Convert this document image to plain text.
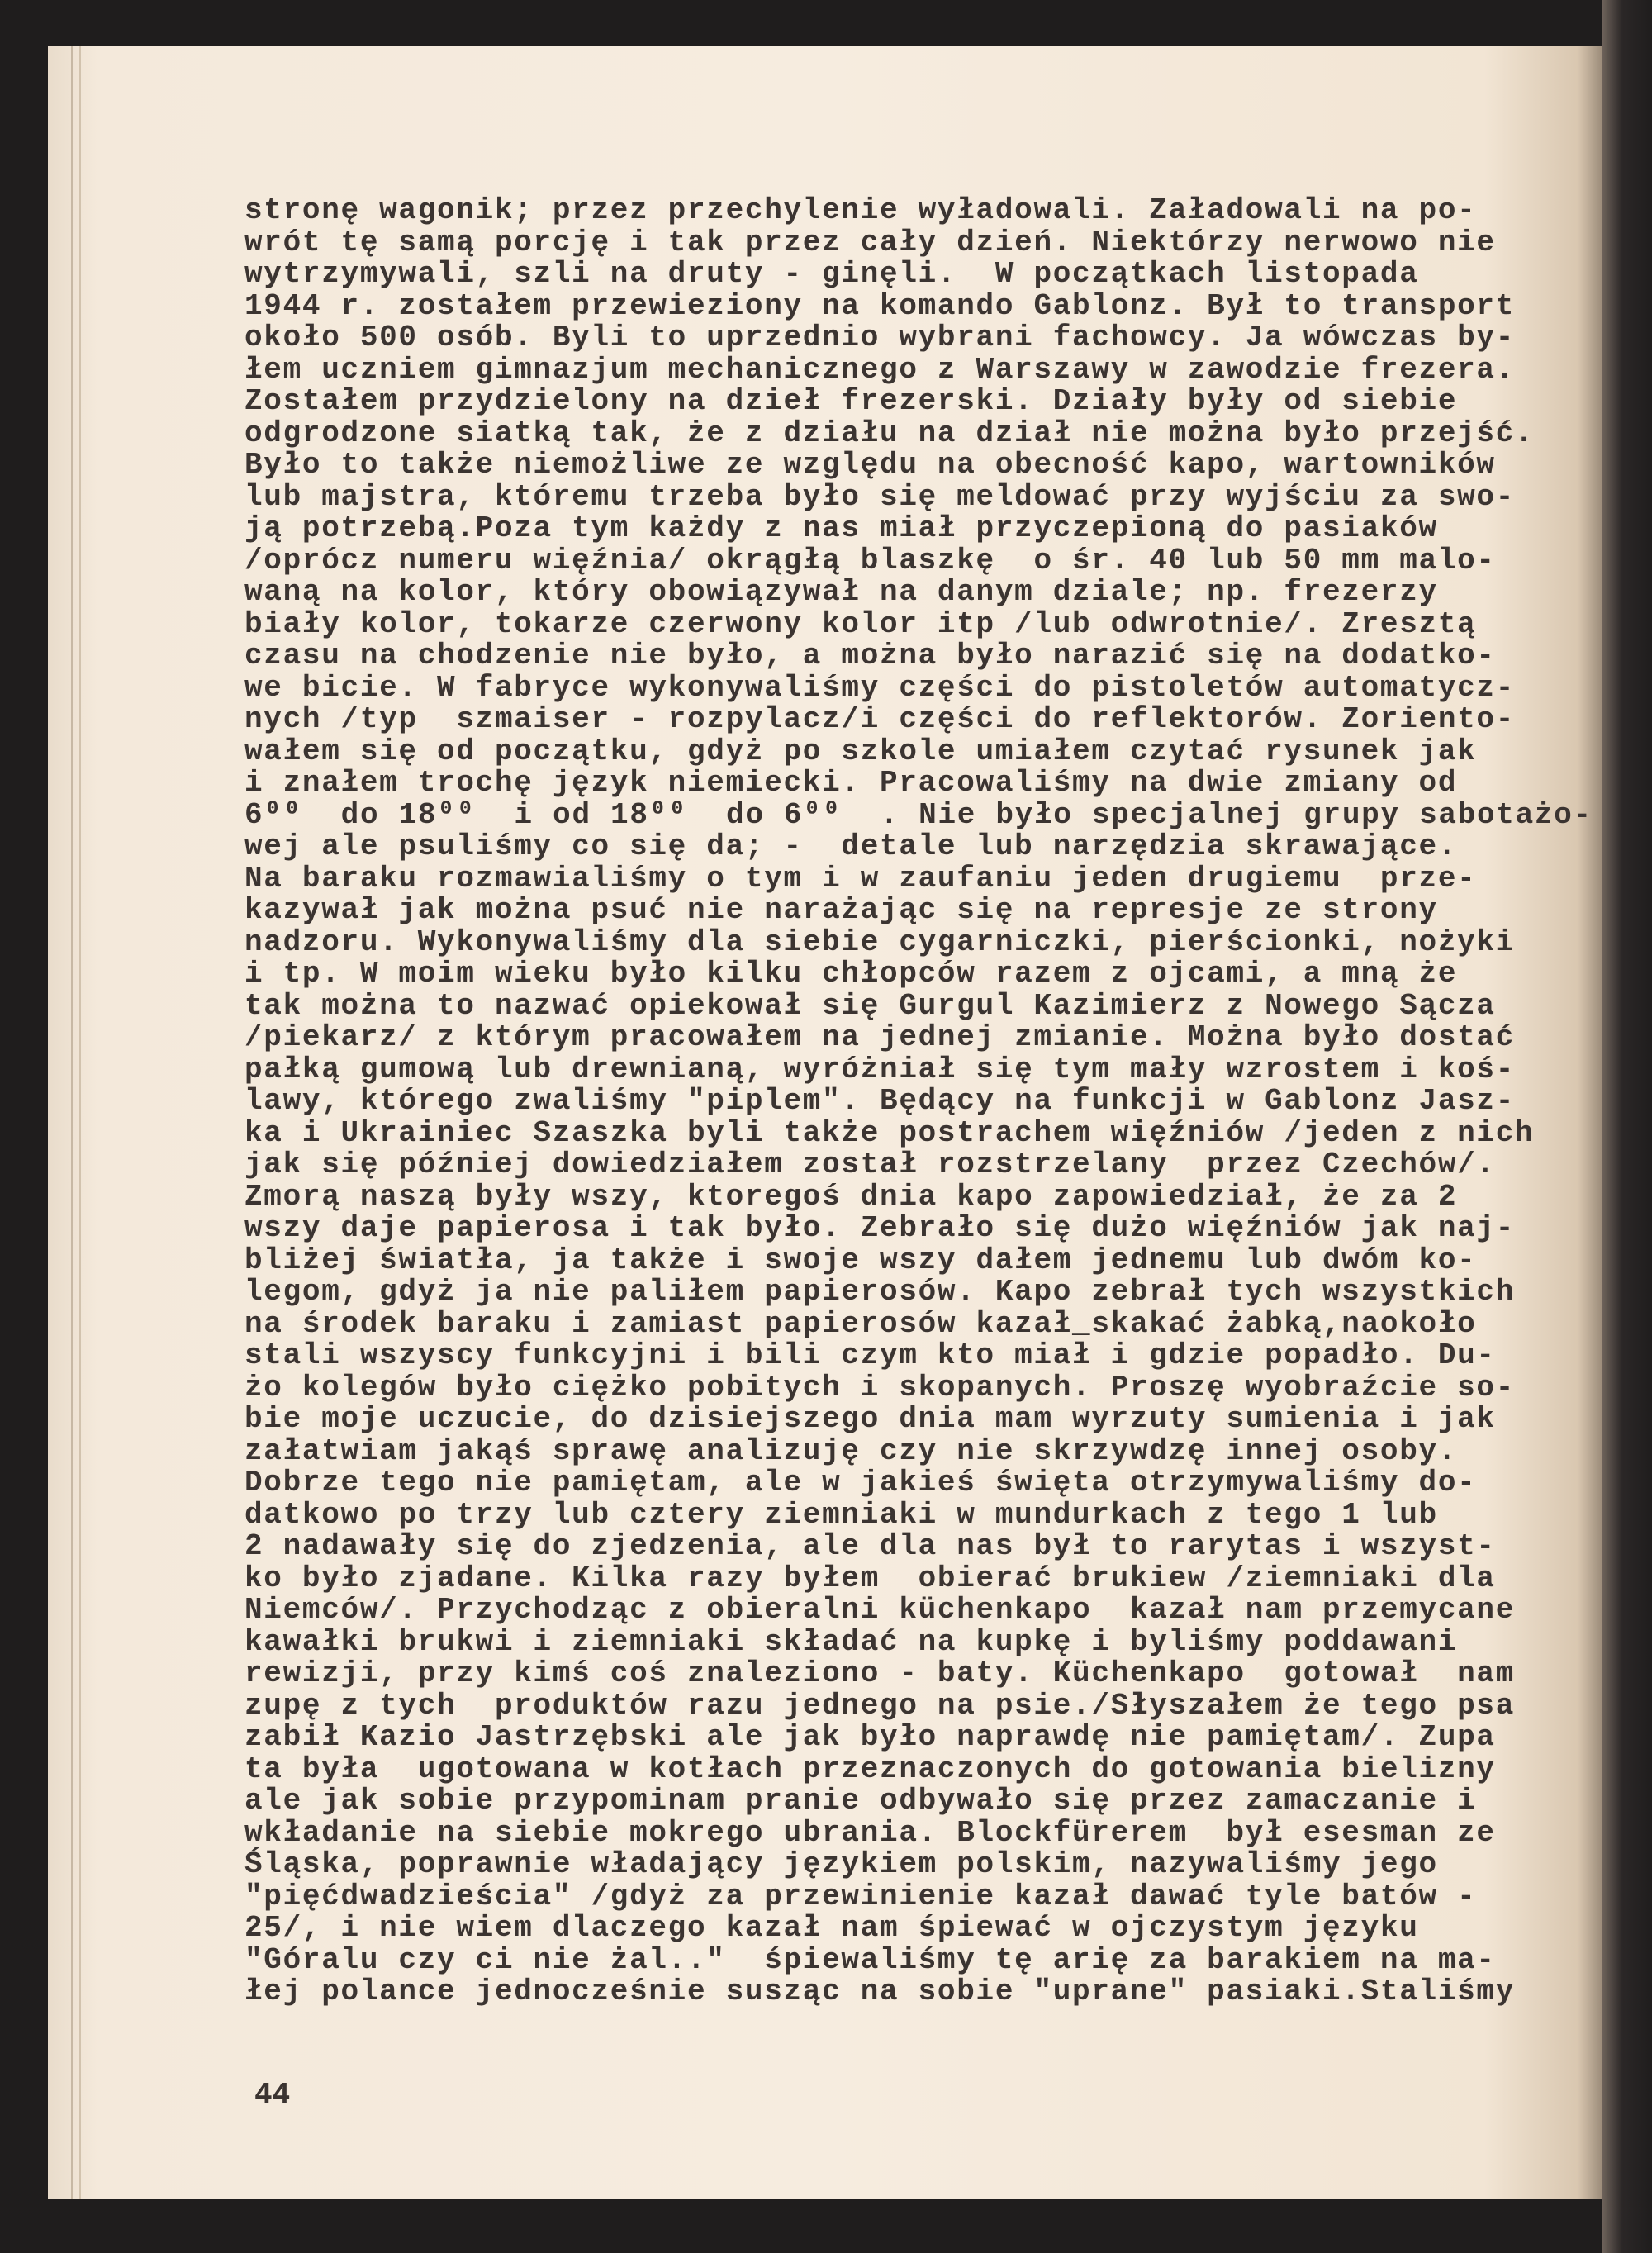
stronę wagonik; przez przechylenie wyładowali. Załadowali na po-
wrót tę samą porcję i tak przez cały dzień. Niektórzy nerwowo nie
wytrzymywali, szli na druty - ginęli.  W początkach listopada
1944 r. zostałem przewieziony na komando Gablonz. Był to transport
około 500 osób. Byli to uprzednio wybrani fachowcy. Ja wówczas by-
łem uczniem gimnazjum mechanicznego z Warszawy w zawodzie frezera.
Zostałem przydzielony na dzieł frezerski. Działy były od siebie
odgrodzone siatką tak, że z działu na dział nie można było przejść.
Było to także niemożliwe ze względu na obecność kapo, wartowników
lub majstra, któremu trzeba było się meldować przy wyjściu za swo-
ją potrzebą.Poza tym każdy z nas miał przyczepioną do pasiaków
/oprócz numeru więźnia/ okrągłą blaszkę  o śr. 40 lub 50 mm malo-
waną na kolor, który obowiązywał na danym dziale; np. frezerzy
biały kolor, tokarze czerwony kolor itp /lub odwrotnie/. Zresztą
czasu na chodzenie nie było, a można było narazić się na dodatko-
we bicie. W fabryce wykonywaliśmy części do pistoletów automatycz-
nych /typ  szmaiser - rozpylacz/i części do reflektorów. Zoriento-
wałem się od początku, gdyż po szkole umiałem czytać rysunek jak
i znałem trochę język niemiecki. Pracowaliśmy na dwie zmiany od
6⁰⁰  do 18⁰⁰  i od 18⁰⁰  do 6⁰⁰  . Nie było specjalnej grupy sabotażo-
wej ale psuliśmy co się da; -  detale lub narzędzia skrawające.
Na baraku rozmawialiśmy o tym i w zaufaniu jeden drugiemu  prze-
kazywał jak można psuć nie narażając się na represje ze strony
nadzoru. Wykonywaliśmy dla siebie cygarniczki, pierścionki, nożyki
i tp. W moim wieku było kilku chłopców razem z ojcami, a mną że
tak można to nazwać opiekował się Gurgul Kazimierz z Nowego Sącza
/piekarz/ z którym pracowałem na jednej zmianie. Można było dostać
pałką gumową lub drewnianą, wyróżniał się tym mały wzrostem i koś-
lawy, którego zwaliśmy "piplem". Będący na funkcji w Gablonz Jasz-
ka i Ukrainiec Szaszka byli także postrachem więźniów /jeden z nich
jak się później dowiedziałem został rozstrzelany  przez Czechów/.
Zmorą naszą były wszy, ktoregoś dnia kapo zapowiedział, że za 2
wszy daje papierosa i tak było. Zebrało się dużo więźniów jak naj-
bliżej światła, ja także i swoje wszy dałem jednemu lub dwóm ko-
legom, gdyż ja nie paliłem papierosów. Kapo zebrał tych wszystkich
na środek baraku i zamiast papierosów kazał_skakać żabką,naokoło
stali wszyscy funkcyjni i bili czym kto miał i gdzie popadło. Du-
żo kolegów było ciężko pobitych i skopanych. Proszę wyobraźcie so-
bie moje uczucie, do dzisiejszego dnia mam wyrzuty sumienia i jak
załatwiam jakąś sprawę analizuję czy nie skrzywdzę innej osoby.
Dobrze tego nie pamiętam, ale w jakieś święta otrzymywaliśmy do-
datkowo po trzy lub cztery ziemniaki w mundurkach z tego 1 lub
2 nadawały się do zjedzenia, ale dla nas był to rarytas i wszyst-
ko było zjadane. Kilka razy byłem  obierać brukiew /ziemniaki dla
Niemców/. Przychodząc z obieralni küchenkapo  kazał nam przemycane
kawałki brukwi i ziemniaki składać na kupkę i byliśmy poddawani
rewizji, przy kimś coś znaleziono - baty. Küchenkapo  gotował  nam
zupę z tych  produktów razu jednego na psie./Słyszałem że tego psa
zabił Kazio Jastrzębski ale jak było naprawdę nie pamiętam/. Zupa
ta była  ugotowana w kotłach przeznaczonych do gotowania bielizny
ale jak sobie przypominam pranie odbywało się przez zamaczanie i
wkładanie na siebie mokrego ubrania. Blockfürerem  był esesman ze
Śląska, poprawnie władający językiem polskim, nazywaliśmy jego
"pięćdwadzieścia" /gdyż za przewinienie kazał dawać tyle batów -
25/, i nie wiem dlaczego kazał nam śpiewać w ojczystym języku
"Góralu czy ci nie żal.."  śpiewaliśmy tę arię za barakiem na ma-
łej polance jednocześnie susząc na sobie "uprane" pasiaki.Staliśmy
44
